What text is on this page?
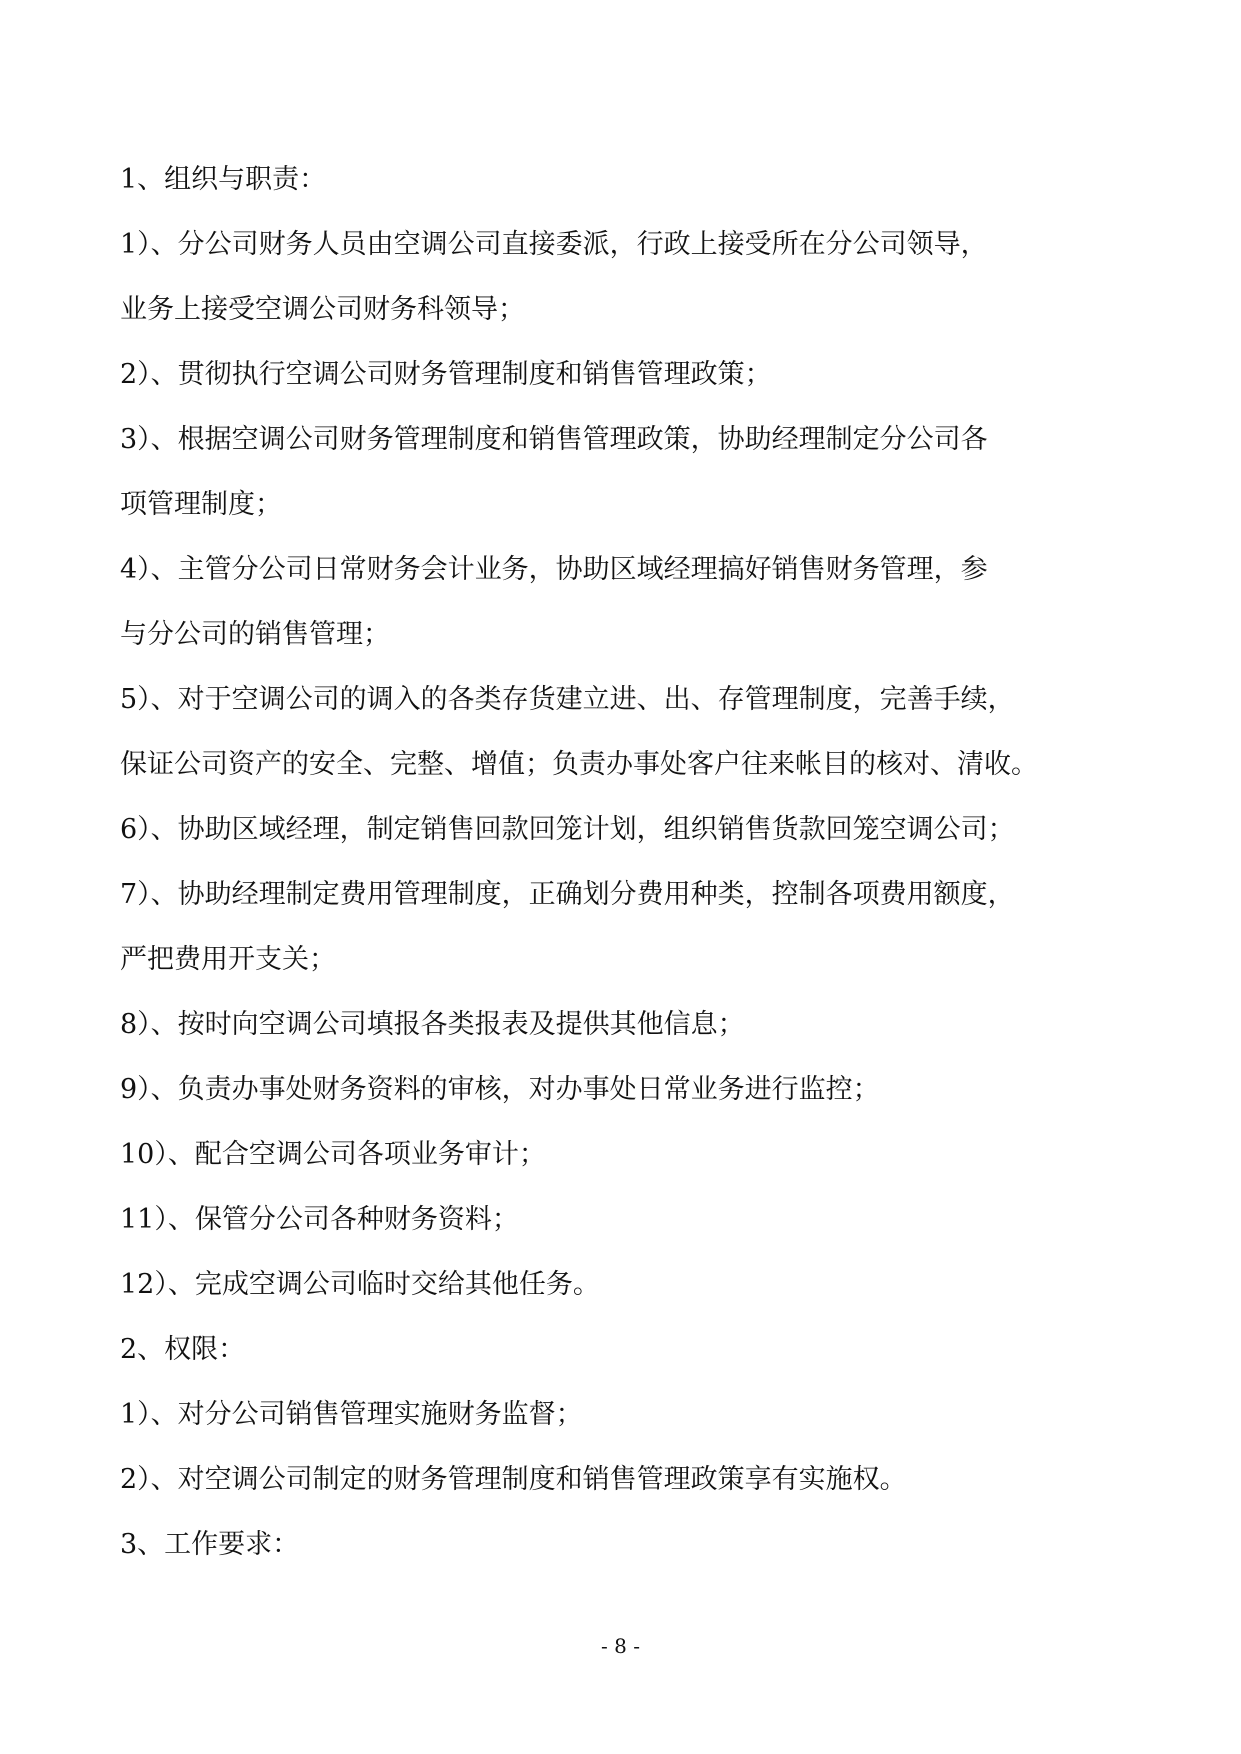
1、组织与职责：
1）、分公司财务人员由空调公司直接委派，行政上接受所在分公司领导，
业务上接受空调公司财务科领导；
2）、贯彻执行空调公司财务管理制度和销售管理政策；
3）、根据空调公司财务管理制度和销售管理政策，协助经理制定分公司各
项管理制度；
4）、主管分公司日常财务会计业务，协助区域经理搞好销售财务管理，参
与分公司的销售管理；
5）、对于空调公司的调入的各类存货建立进、出、存管理制度，完善手续，
保证公司资产的安全、完整、增值；负责办事处客户往来帐目的核对、清收。
6）、协助区域经理，制定销售回款回笼计划，组织销售货款回笼空调公司；
7）、协助经理制定费用管理制度，正确划分费用种类，控制各项费用额度，
严把费用开支关；
8）、按时向空调公司填报各类报表及提供其他信息；
9）、负责办事处财务资料的审核，对办事处日常业务进行监控；
10）、配合空调公司各项业务审计；
11）、保管分公司各种财务资料；
12）、完成空调公司临时交给其他任务。
2、权限：
1）、对分公司销售管理实施财务监督；
2）、对空调公司制定的财务管理制度和销售管理政策享有实施权。
3、工作要求：
- 8 -
